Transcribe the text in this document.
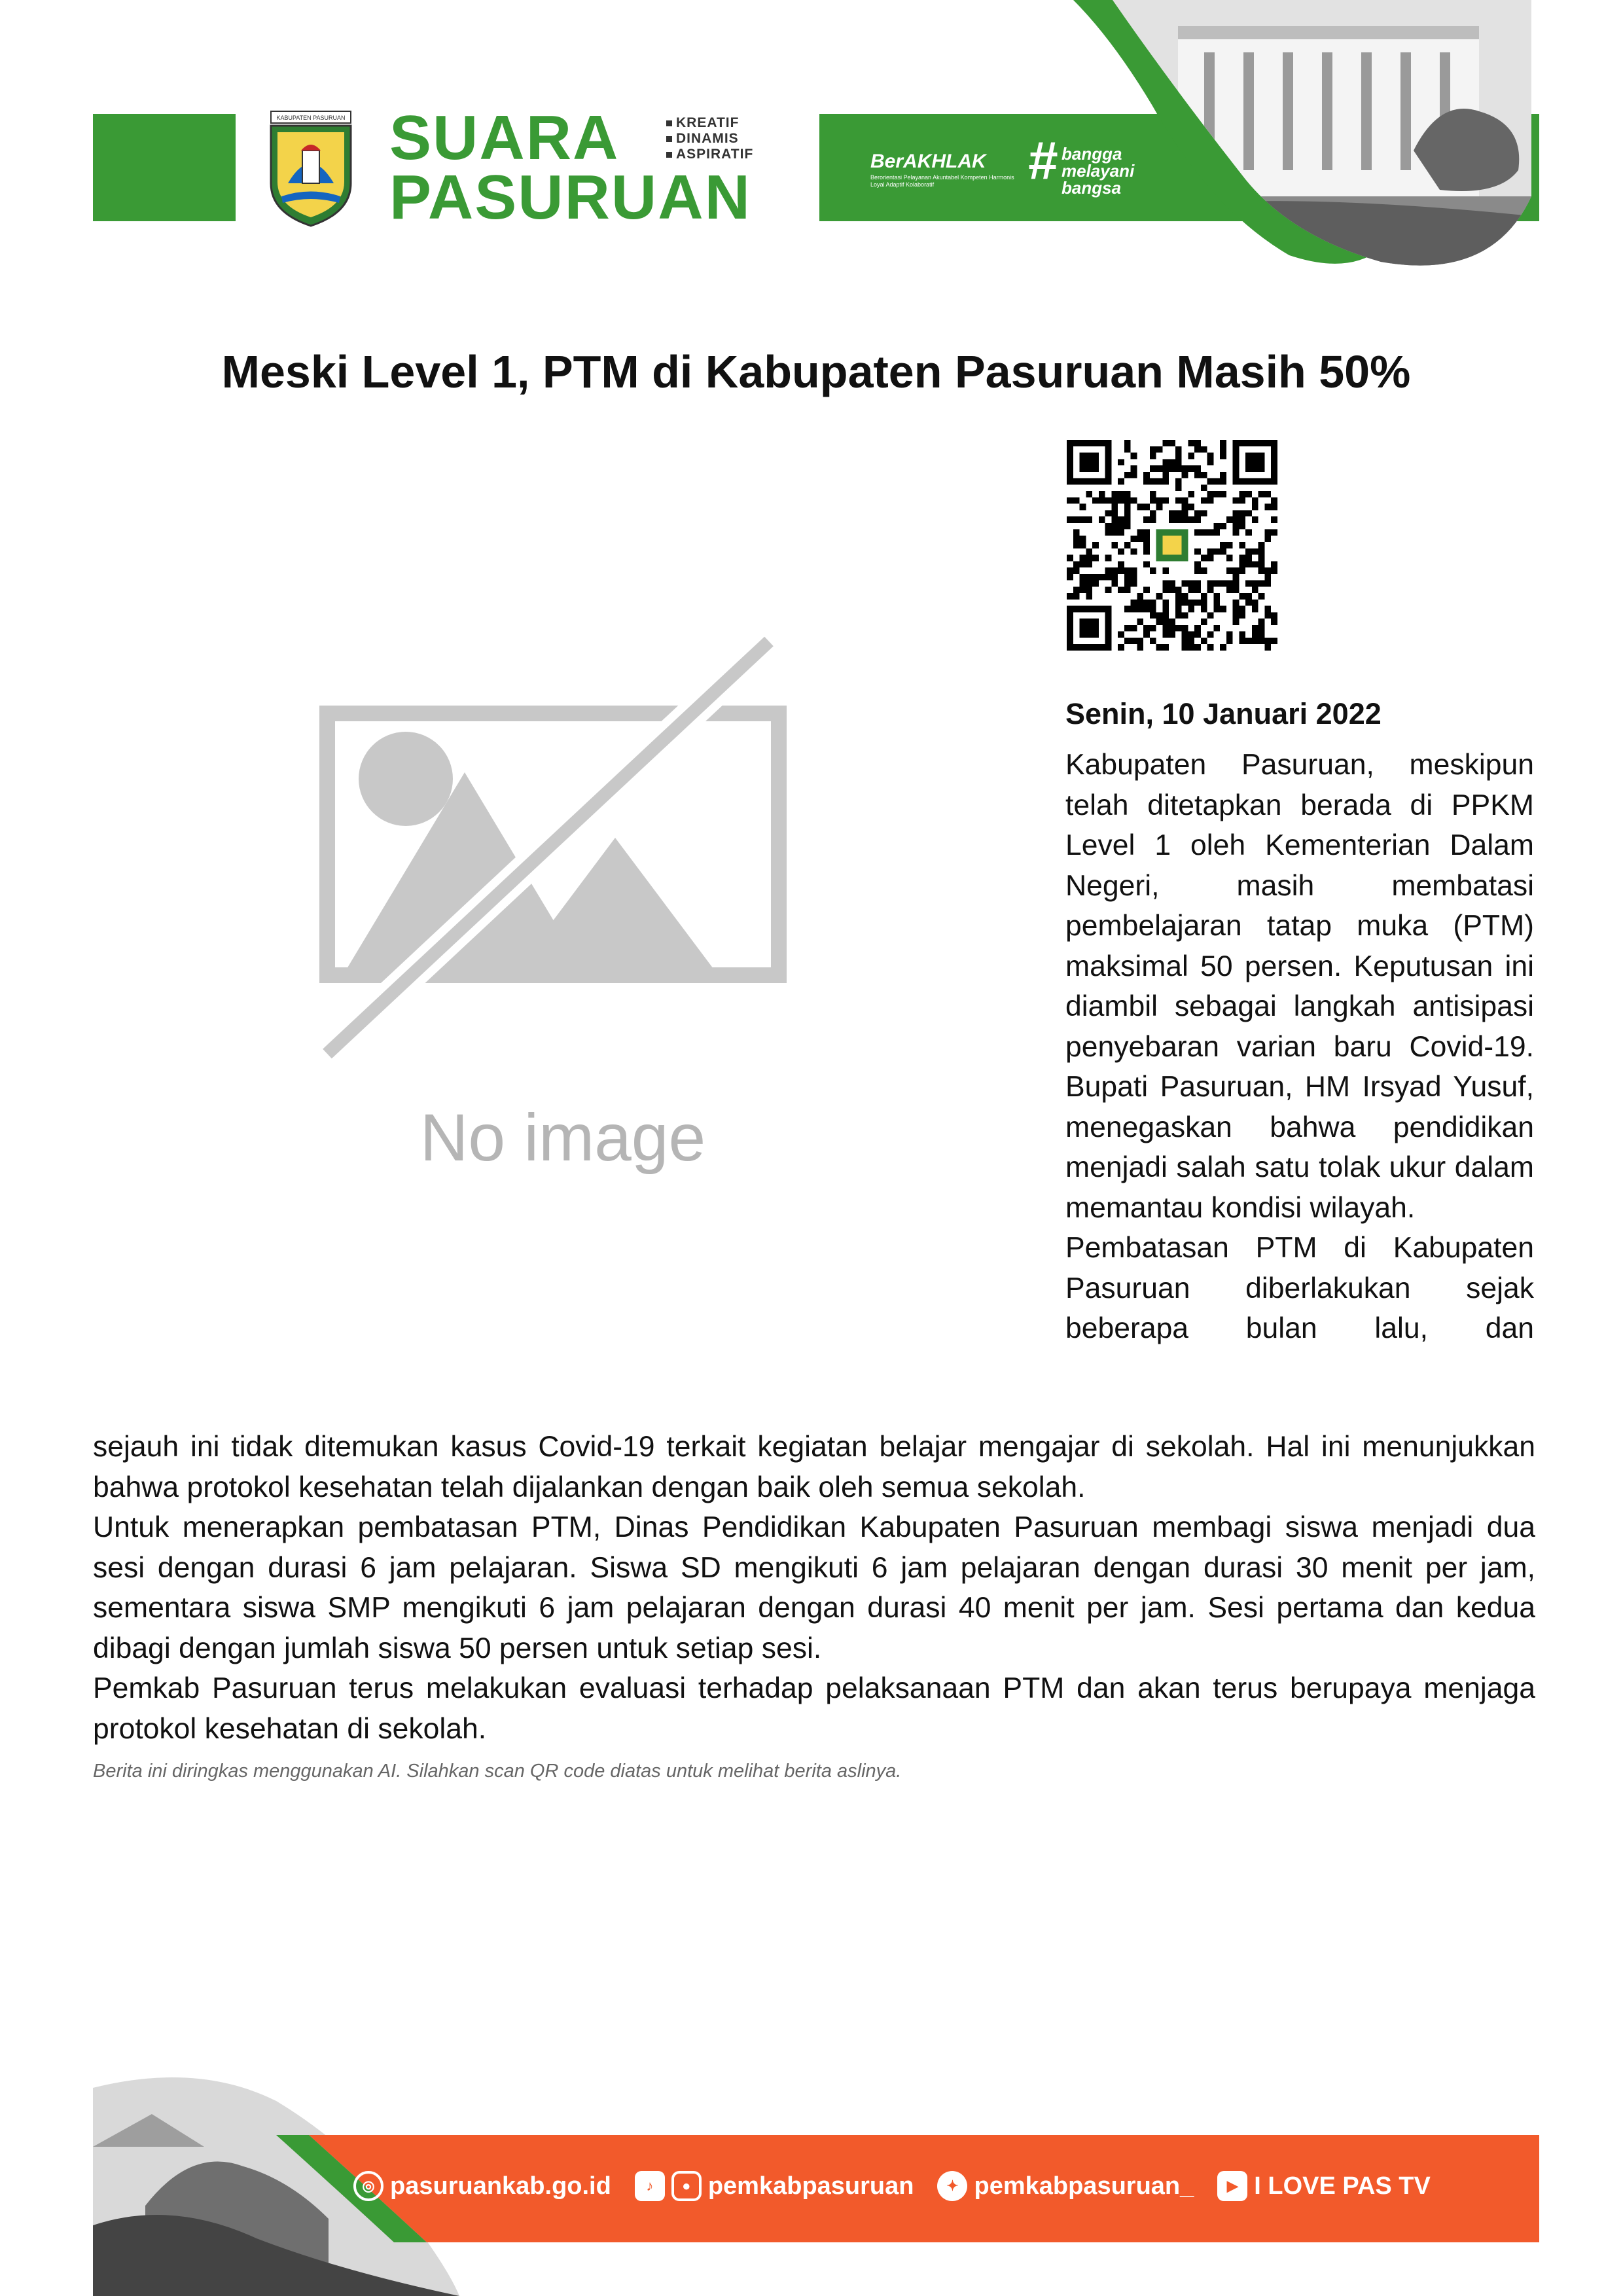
KABUPATEN PASURUAN SUARA
PASURUAN
KREATIF
DINAMIS
ASPIRATIF	BerAKHLAK
Berorientasi Pelayanan Akuntabel Kompeten Harmonis Loyal Adaptif Kolaboratif	# bangga
melayani
bangsa
Meski Level 1, PTM di Kabupaten Pasuruan Masih 50%
No image
Senin, 10 Januari 2022

Kabupaten Pasuruan, meskipun telah ditetapkan berada di PPKM Level 1 oleh Kementerian Dalam Negeri, masih membatasi pembelajaran tatap muka (PTM) maksimal 50 persen. Keputusan ini diambil sebagai langkah antisipasi penyebaran varian baru Covid-19. Bupati Pasuruan, HM Irsyad Yusuf, menegaskan bahwa pendidikan menjadi salah satu tolak ukur dalam memantau kondisi wilayah.

Pembatasan PTM di Kabupaten Pasuruan diberlakukan sejak beberapa bulan lalu, dan

sejauh ini tidak ditemukan kasus Covid-19 terkait kegiatan belajar mengajar di sekolah. Hal ini menunjukkan bahwa protokol kesehatan telah dijalankan dengan baik oleh semua sekolah.

Untuk menerapkan pembatasan PTM, Dinas Pendidikan Kabupaten Pasuruan membagi siswa menjadi dua sesi dengan durasi 6 jam pelajaran. Siswa SD mengikuti 6 jam pelajaran dengan durasi 30 menit per jam, sementara siswa SMP mengikuti 6 jam pelajaran dengan durasi 40 menit per jam. Sesi pertama dan kedua dibagi dengan jumlah siswa 50 persen untuk setiap sesi.

Pemkab Pasuruan terus melakukan evaluasi terhadap pelaksanaan PTM dan akan terus berupaya menjaga protokol kesehatan di sekolah.

Berita ini diringkas menggunakan AI. Silahkan scan QR code diatas untuk melihat berita aslinya.
◎ pasuruankab.go.id	♪	● pemkabpasuruan	✦ pemkabpasuruan_	▶ I LOVE PAS TV
